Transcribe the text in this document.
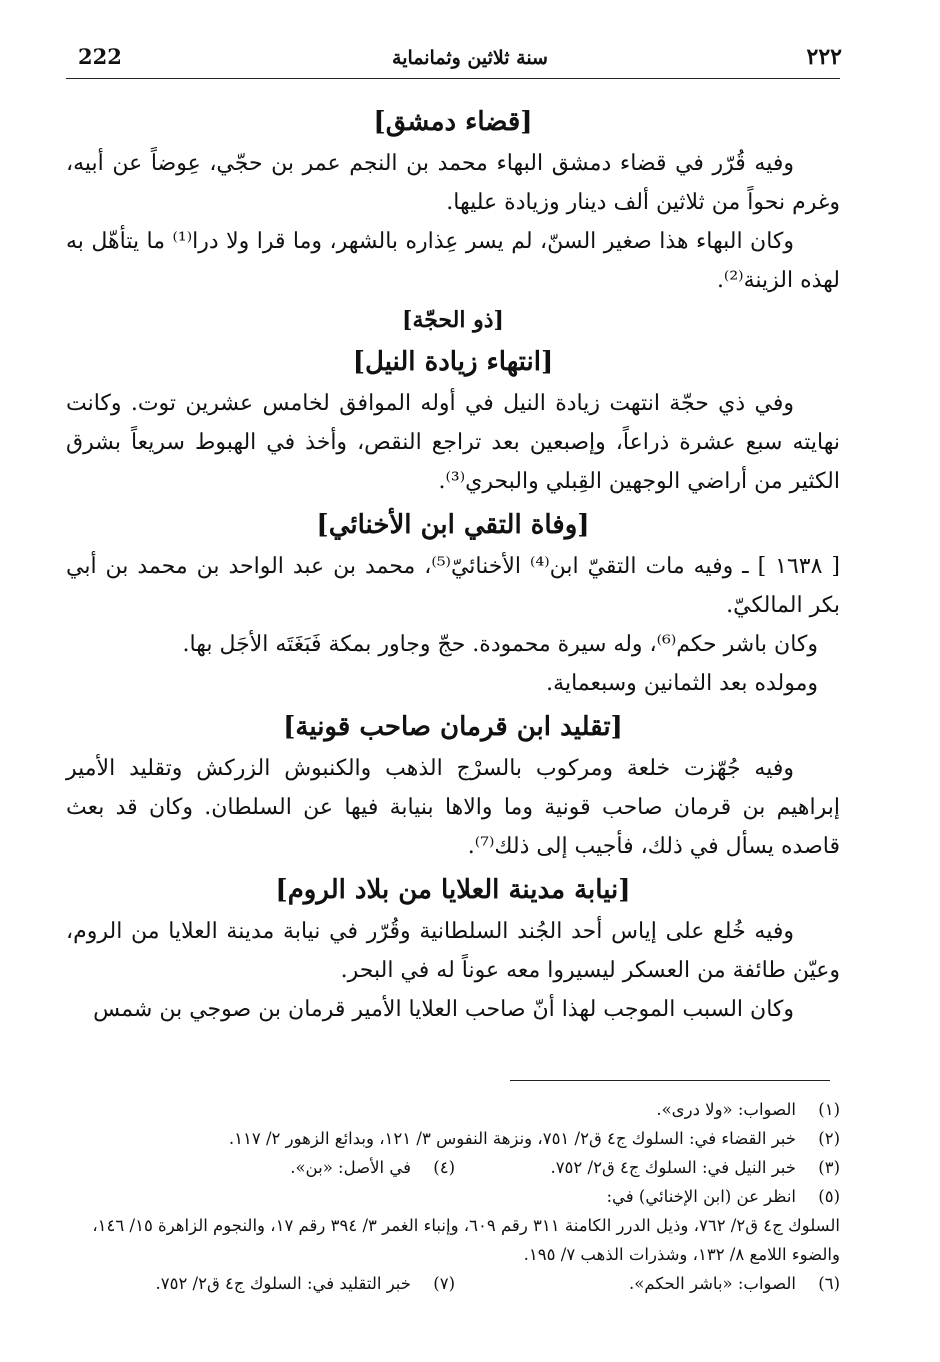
222	سنة ثلاثين وثمانماية	٢٢٢
[قضاء دمشق]

وفيه قُرّر في قضاء دمشق البهاء محمد بن النجم عمر بن حجّي، عِوضاً عن أبيه، وغرم نحواً من ثلاثين ألف دينار وزيادة عليها.

وكان البهاء هذا صغير السنّ، لم يسر عِذاره بالشهر، وما قرا ولا درا⁽¹⁾ ما يتأهّل به لهذه الزينة⁽²⁾.

[ذو الحجّة]
[انتهاء زيادة النيل]

وفي ذي حجّة انتهت زيادة النيل في أوله الموافق لخامس عشرين توت. وكانت نهايته سبع عشرة ذراعاً، وإصبعين بعد تراجع النقص، وأخذ في الهبوط سريعاً بشرق الكثير من أراضي الوجهين القِبلي والبحري⁽³⁾.

[وفاة التقي ابن الأخنائي]

[ ١٦٣٨ ] ـ وفيه مات التقيّ ابن⁽⁴⁾ الأخنائيّ⁽⁵⁾، محمد بن عبد الواحد بن محمد بن أبي بكر المالكيّ.

وكان باشر حكم⁽⁶⁾، وله سيرة محمودة. حجّ وجاور بمكة فَبَغَتَه الأجَل بها.

ومولده بعد الثمانين وسبعماية.

[تقليد ابن قرمان صاحب قونية]

وفيه جُهّزت خلعة ومركوب بالسرْج الذهب والكنبوش الزركش وتقليد الأمير إبراهيم بن قرمان صاحب قونية وما والاها بنيابة فيها عن السلطان. وكان قد بعث قاصده يسأل في ذلك، فأجيب إلى ذلك⁽⁷⁾.

[نيابة مدينة العلايا من بلاد الروم]

وفيه خُلع على إياس أحد الجُند السلطانية وقُرّر في نيابة مدينة العلايا من الروم، وعيّن طائفة من العسكر ليسيروا معه عوناً له في البحر.

وكان السبب الموجب لهذا أنّ صاحب العلايا الأمير قرمان بن صوجي بن شمس

(١)
الصواب: «ولا درى».
(٢)
خبر القضاء في: السلوك ج٤ ق٢/ ٧٥١، ونزهة النفوس ٣/ ١٢١، وبدائع الزهور ٢/ ١١٧.
(٣)
خبر النيل في: السلوك ج٤ ق٢/ ٧٥٢.
(٤)
في الأصل: «بن».
(٥)
انظر عن (ابن الإخنائي) في:
السلوك ج٤ ق٢/ ٧٦٢، وذيل الدرر الكامنة ٣١١ رقم ٦٠٩، وإنباء الغمر ٣/ ٣٩٤ رقم ١٧، والنجوم الزاهرة ١٥/ ١٤٦، والضوء اللامع ٨/ ١٣٢، وشذرات الذهب ٧/ ١٩٥.
(٦)
الصواب: «باشر الحكم».
(٧)
خبر التقليد في: السلوك ج٤ ق٢/ ٧٥٢.
